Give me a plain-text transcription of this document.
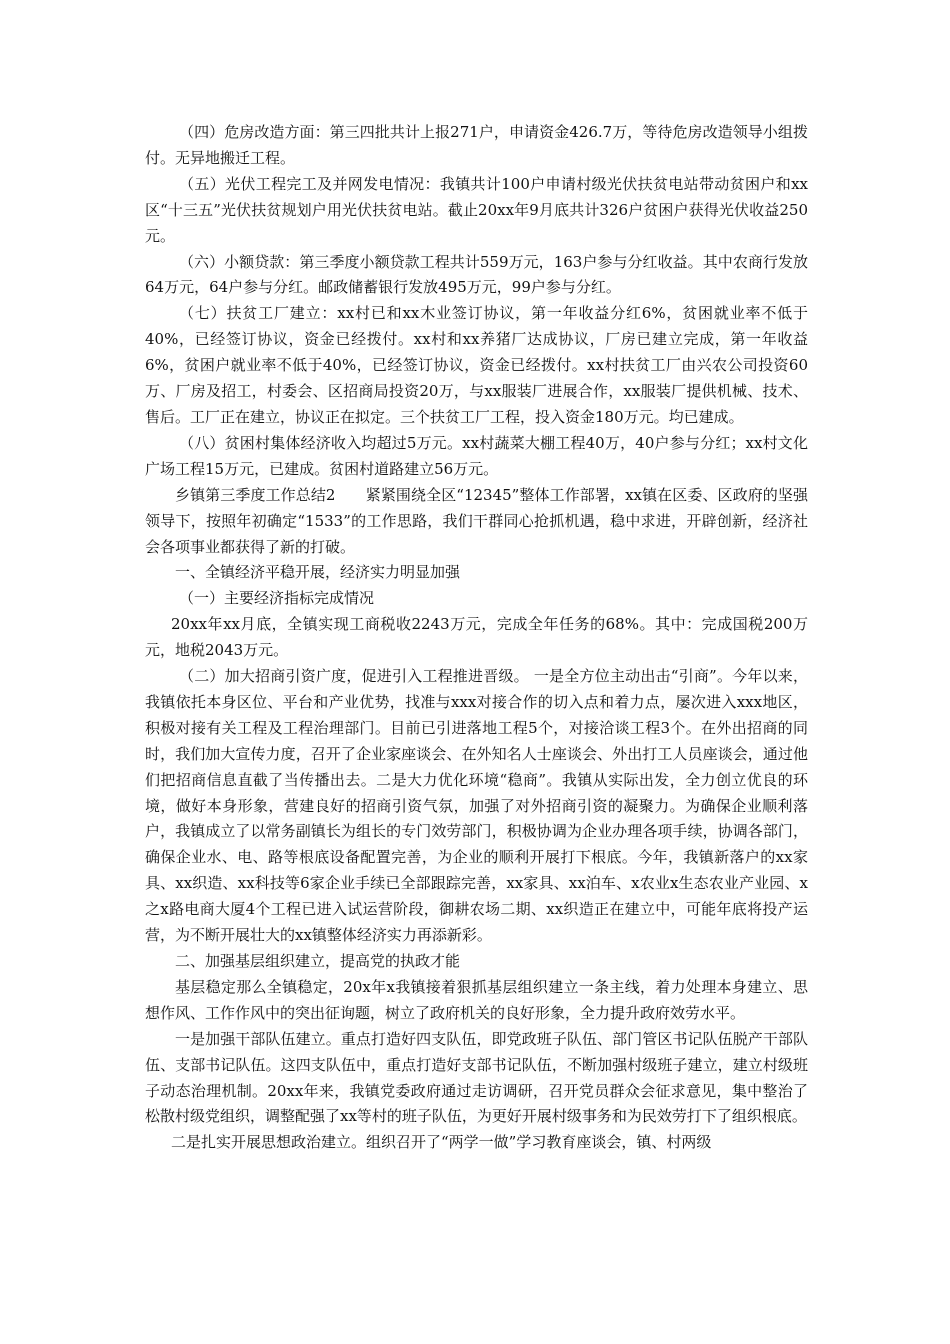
（四）危房改造方面：第三四批共计上报271户，申请资金426.7万，等待危房改造领导小组拨付。无异地搬迁工程。

（五）光伏工程完工及并网发电情况：我镇共计100户申请村级光伏扶贫电站带动贫困户和xx区“十三五”光伏扶贫规划户用光伏扶贫电站。截止20xx年9月底共计326户贫困户获得光伏收益250元。

（六）小额贷款：第三季度小额贷款工程共计559万元，163户参与分红收益。其中农商行发放64万元，64户参与分红。邮政储蓄银行发放495万元，99户参与分红。

（七）扶贫工厂建立：xx村已和xx木业签订协议，第一年收益分红6%，贫困就业率不低于40%，已经签订协议，资金已经拨付。xx村和xx养猪厂达成协议，厂房已建立完成，第一年收益6%，贫困户就业率不低于40%，已经签订协议，资金已经拨付。xx村扶贫工厂由兴农公司投资60万、厂房及招工，村委会、区招商局投资20万，与xx服装厂进展合作，xx服装厂提供机械、技术、售后。工厂正在建立，协议正在拟定。三个扶贫工厂工程，投入资金180万元。均已建成。

（八）贫困村集体经济收入均超过5万元。xx村蔬菜大棚工程40万，40户参与分红；xx村文化广场工程15万元，已建成。贫困村道路建立56万元。

乡镇第三季度工作总结2　　紧紧围绕全区“12345”整体工作部署，xx镇在区委、区政府的坚强领导下，按照年初确定“1533”的工作思路，我们干群同心抢抓机遇，稳中求进，开辟创新，经济社会各项事业都获得了新的打破。

一、全镇经济平稳开展，经济实力明显加强

（一）主要经济指标完成情况

20xx年xx月底，全镇实现工商税收2243万元，完成全年任务的68%。其中：完成国税200万元，地税2043万元。

（二）加大招商引资广度，促进引入工程推进晋级。 一是全方位主动出击“引商”。今年以来，我镇依托本身区位、平台和产业优势，找准与xxx对接合作的切入点和着力点，屡次进入xxx地区，积极对接有关工程及工程治理部门。目前已引进落地工程5个，对接洽谈工程3个。在外出招商的同时，我们加大宣传力度，召开了企业家座谈会、在外知名人士座谈会、外出打工人员座谈会，通过他们把招商信息直截了当传播出去。二是大力优化环境“稳商”。我镇从实际出发，全力创立优良的环境，做好本身形象，营建良好的招商引资气氛，加强了对外招商引资的凝聚力。为确保企业顺利落户，我镇成立了以常务副镇长为组长的专门效劳部门，积极协调为企业办理各项手续，协调各部门，确保企业水、电、路等根底设备配置完善，为企业的顺利开展打下根底。今年，我镇新落户的xx家具、xx织造、xx科技等6家企业手续已全部跟踪完善，xx家具、xx泊车、x农业x生态农业产业园、x之x路电商大厦4个工程已进入试运营阶段，御耕农场二期、xx织造正在建立中，可能年底将投产运营，为不断开展壮大的xx镇整体经济实力再添新彩。

二、加强基层组织建立，提高党的执政才能

基层稳定那么全镇稳定，20x年x我镇接着狠抓基层组织建立一条主线，着力处理本身建立、思想作风、工作作风中的突出征询题，树立了政府机关的良好形象，全力提升政府效劳水平。

一是加强干部队伍建立。重点打造好四支队伍，即党政班子队伍、部门管区书记队伍脱产干部队伍、支部书记队伍。这四支队伍中，重点打造好支部书记队伍，不断加强村级班子建立，建立村级班子动态治理机制。20xx年来，我镇党委政府通过走访调研，召开党员群众会征求意见，集中整治了松散村级党组织，调整配强了xx等村的班子队伍，为更好开展村级事务和为民效劳打下了组织根底。

二是扎实开展思想政治建立。组织召开了“两学一做”学习教育座谈会，镇、村两级
